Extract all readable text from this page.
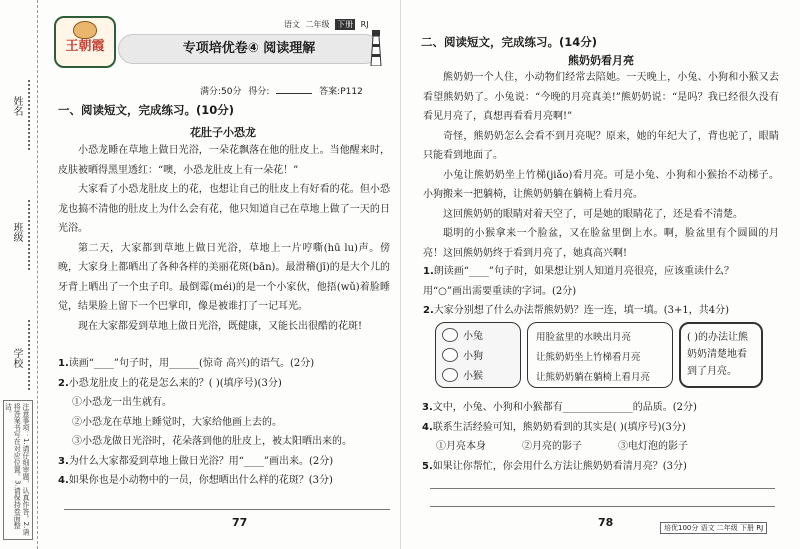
姓名
班级
学校
注意事项：1.请仔细审题，认真作答。2.请将答案书写在对应位置。3.请保持卷面整洁。
王朝霞
语文 二年级 下册 RJ
专项培优卷④ 阅读理解
满分:50分 得分:	答案:P112
一、阅读短文，完成练习。(10分)
花肚子小恐龙

小恐龙睡在草地上做日光浴，一朵花飘落在他的肚皮上。当他醒来时，皮肤被晒得黑里透红：“噢，小恐龙肚皮上有一朵花！”

大家看了小恐龙肚皮上的花，也想让自己的肚皮上有好看的花。但小恐龙也搞不清他的肚皮上为什么会有花，他只知道自己在草地上做了一天的日光浴。

第二天，大家都到草地上做日光浴，草地上一片哼嘶(hū lu)声。傍晚，大家身上都晒出了各种各样的美丽花斑(bān)。最滑稽(jī)的是大个儿的牙背上晒出了一个虫子印。最倒霉(méi)的是一个小家伙，他捂(wǔ)着脸睡觉，结果脸上留下一个巴掌印，像是被谁打了一记耳光。

现在大家都爱到草地上做日光浴，既健康，又能长出很酷的花斑!

1.读画“____”句子时，用______(惊奇 高兴)的语气。(2分)
2.小恐龙肚皮上的花是怎么来的？( )(填序号)(3分)
①小恐龙一出生就有。
②小恐龙在草地上睡觉时，大家给他画上去的。
③小恐龙做日光浴时，花朵落到他的肚皮上，被太阳晒出来的。
3.为什么大家都爱到草地上做日光浴？用“____”画出来。(2分)
4.如果你也是小动物中的一员，你想晒出什么样的花斑？(3分)
77
二、阅读短文，完成练习。(14分)
熊奶奶看月亮

熊奶奶一个人住，小动物们经常去陪她。一天晚上，小兔、小狗和小猴又去看望熊奶奶了。小兔说：“今晚的月亮真美!”熊奶奶说：“是吗？我已经很久没有看见月亮了，真想再看看月亮啊!”

奇怪，熊奶奶怎么会看不到月亮呢？原来，她的年纪大了，背也驼了，眼睛只能看到地面了。

小兔让熊奶奶坐上竹梯(jiǎo)看月亮。可是小兔、小狗和小猴抬不动梯子。小狗搬来一把躺椅，让熊奶奶躺在躺椅上看月亮。

这回熊奶奶的眼睛对着天空了，可是她的眼睛花了，还是看不清楚。

聪明的小猴拿来一个脸盆，又在脸盆里倒上水。啊，脸盆里有个圆圆的月亮！这回熊奶奶终于看到月亮了，她真高兴啊!

1.朗读画“____”句子时，如果想让别人知道月亮很亮，应该重读什么？
用“○”画出需要重读的字词。(2分)
2.大家分别想了什么办法帮熊奶奶？连一连，填一填。(3+1，共4分)
小兔
小狗
小猴
用脸盆里的水映出月亮
让熊奶奶坐上竹梯看月亮
让熊奶奶躺在躺椅上看月亮
( )的办法让熊奶奶清楚地看到了月亮。
3.文中，小兔、小狗和小猴都有______________的品质。(2分)
4.联系生活经验可知，熊奶奶看到的其实是( )(填序号)(3分)
①月亮本身	②月亮的影子	③电灯泡的影子
5.如果让你帮忙，你会用什么方法让熊奶奶看清月亮？(3分)
78	培优100分 语文 二年级 下册 RJ
